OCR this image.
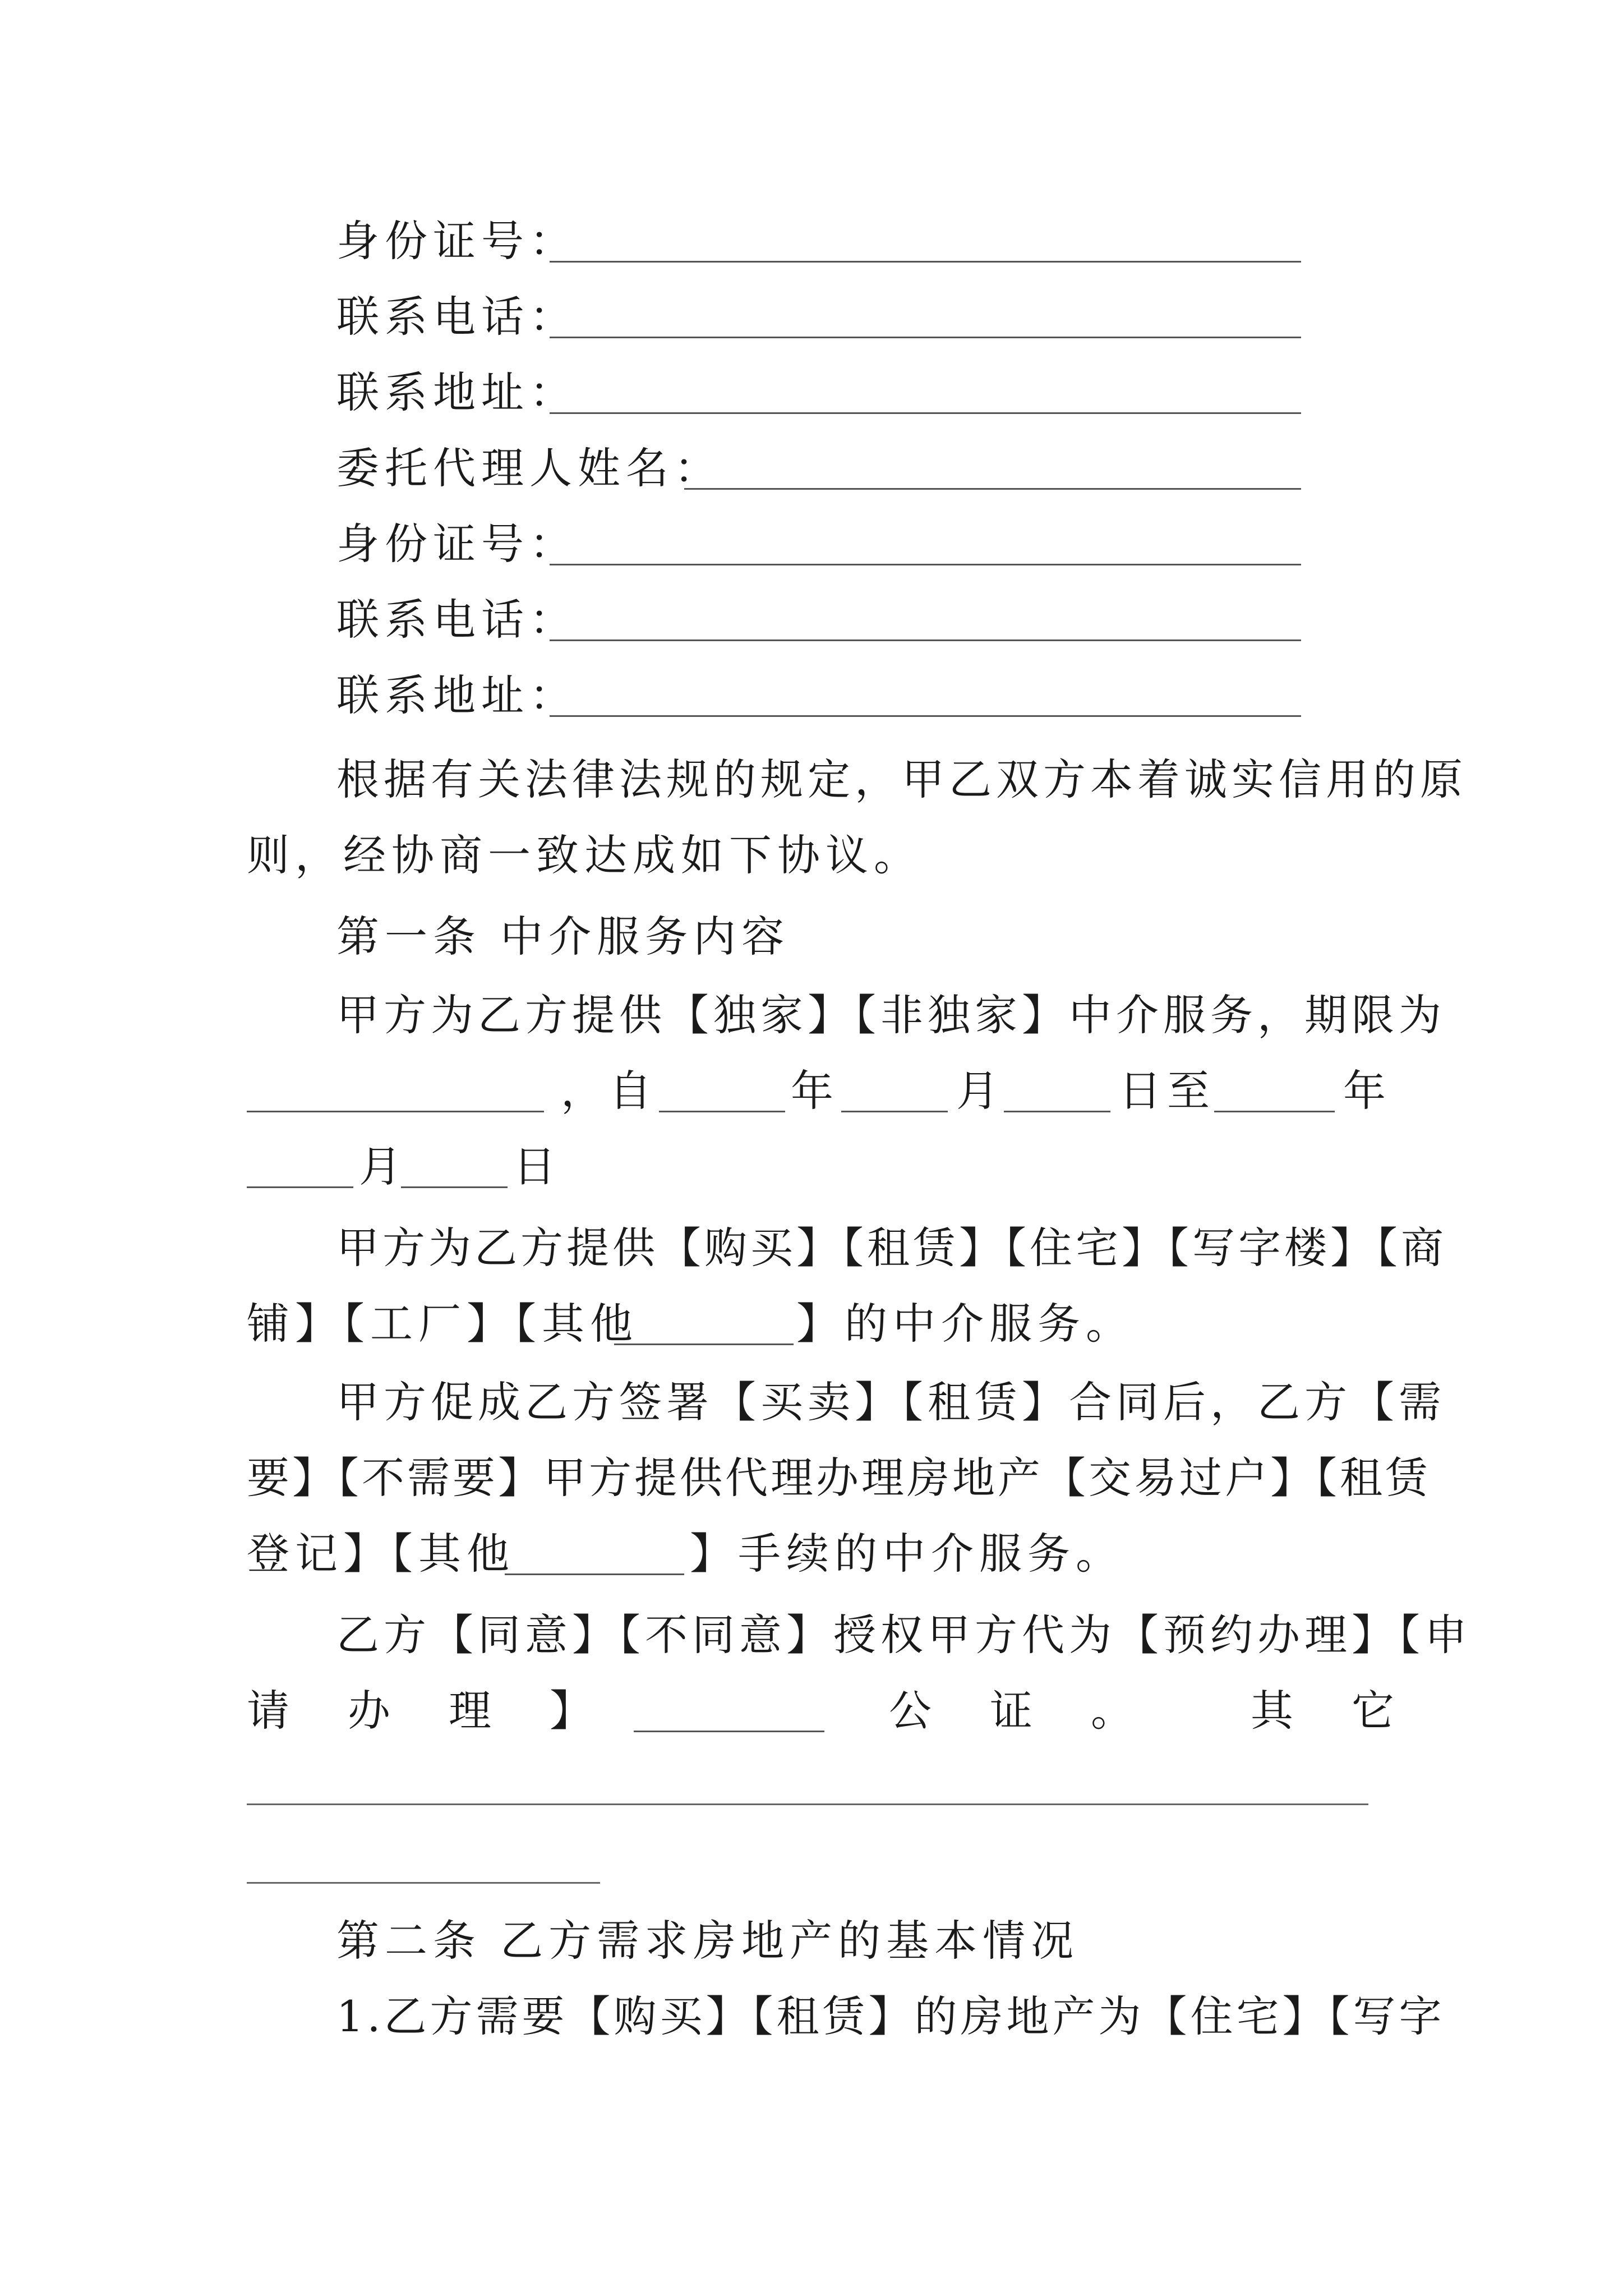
身份证号：
联系电话：
联系地址：
委托代理人姓名：
身份证号：
联系电话：
联系地址：
根据有关法律法规的规定，甲乙双方本着诚实信用的原
则，经协商一致达成如下协议。
第一条 中介服务内容
甲方为乙方提供【独家】【非独家】中介服务，期限为
，自	年	月	日至	年
月 日
甲方为乙方提供【购买】【租赁】【住宅】【写字楼】【商
铺】【工厂】【其他	】的中介服务。
甲方促成乙方签署【买卖】【租赁】合同后，乙方【需
要】【不需要】甲方提供代理办理房地产【交易过户】【租赁
登记】【其他	】手续的中介服务。
乙方【同意】【不同意】授权甲方代为【预约办理】【申
请　办　理　】	公　证　。	其　它
第二条 乙方需求房地产的基本情况
1.乙方需要【购买】【租赁】的房地产为【住宅】【写字
